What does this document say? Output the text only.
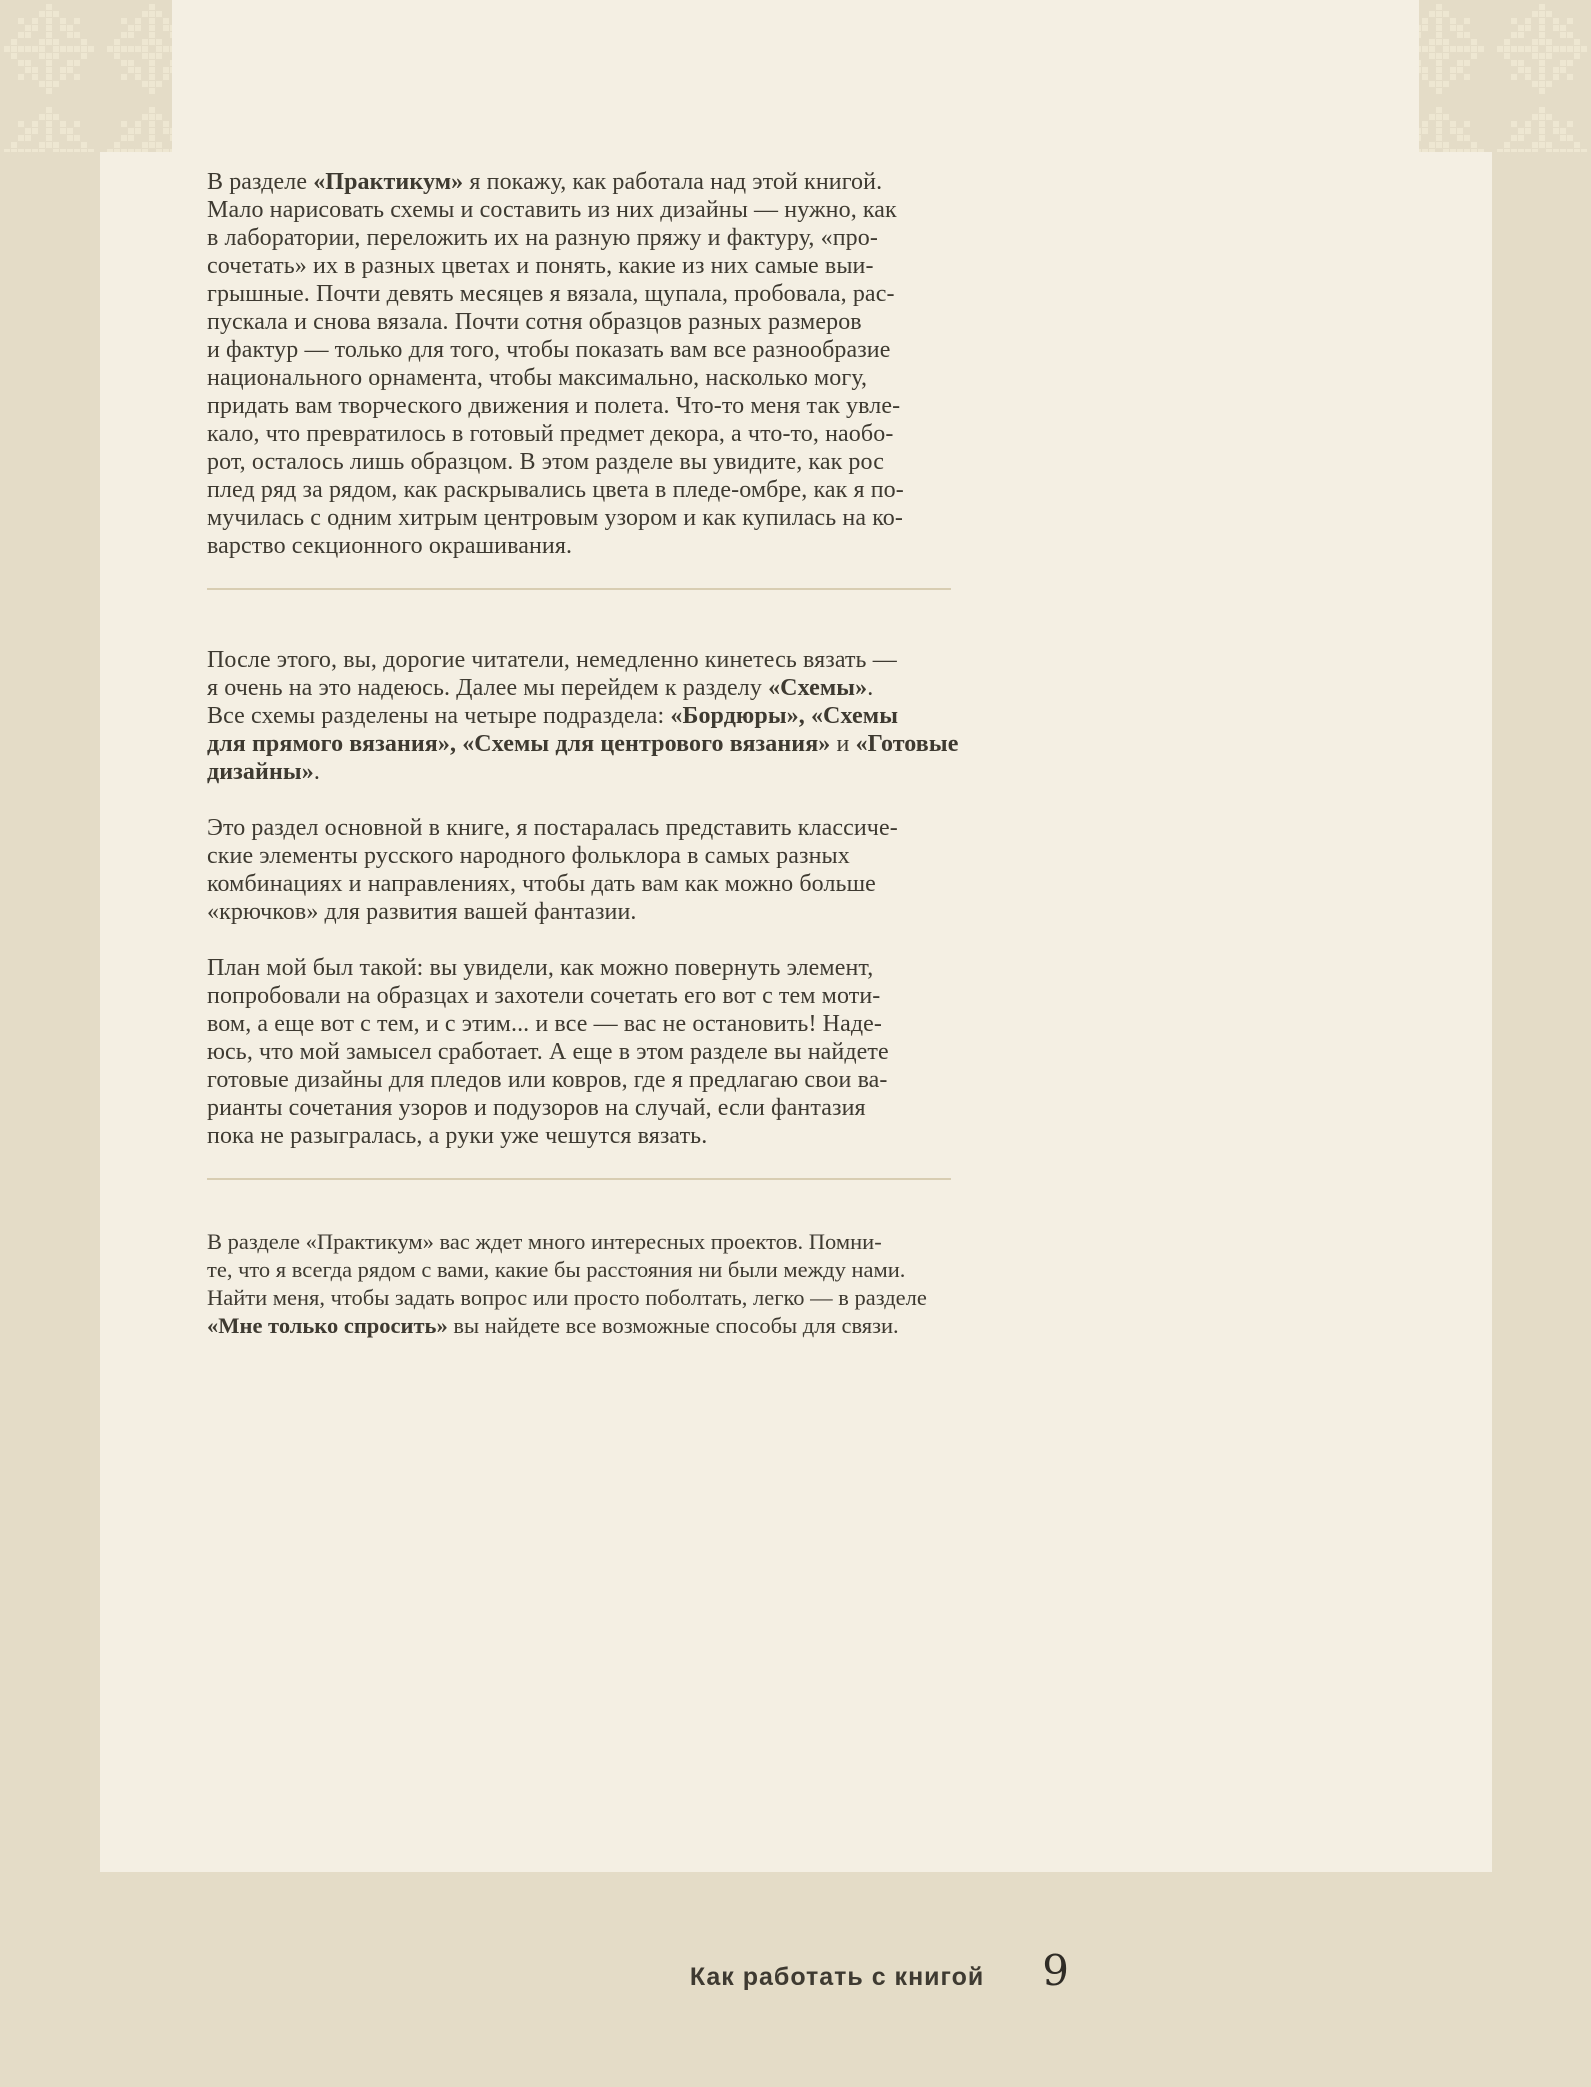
В разделе «Практикум» я покажу, как работала над этой книгой.
Мало нарисовать схемы и составить из них дизайны — нужно, как
в лаборатории, переложить их на разную пряжу и фактуру, «про-
сочетать» их в разных цветах и понять, какие из них самые выи-
грышные. Почти девять месяцев я вязала, щупала, пробовала, рас-
пускала и снова вязала. Почти сотня образцов разных размеров
и фактур — только для того, чтобы показать вам все разнообразие
национального орнамента, чтобы максимально, насколько могу,
придать вам творческого движения и полета. Что-то меня так увле-
кало, что превратилось в готовый предмет декора, а что-то, наобо-
рот, осталось лишь образцом. В этом разделе вы увидите, как рос
плед ряд за рядом, как раскрывались цвета в пледе-омбре, как я по-
мучилась с одним хитрым центровым узором и как купилась на ко-
варство секционного окрашивания.

После этого, вы, дорогие читатели, немедленно кинетесь вязать —
я очень на это надеюсь. Далее мы перейдем к разделу «Схемы».
Все схемы разделены на четыре подраздела: «Бордюры», «Схемы
для прямого вязания», «Схемы для центрового вязания» и «Готовые
дизайны».

Это раздел основной в книге, я постаралась представить классиче-
ские элементы русского народного фольклора в самых разных
комбинациях и направлениях, чтобы дать вам как можно больше
«крючков» для развития вашей фантазии.

План мой был такой: вы увидели, как можно повернуть элемент,
попробовали на образцах и захотели сочетать его вот с тем моти-
вом, а еще вот с тем, и с этим... и все — вас не остановить! Наде-
юсь, что мой замысел сработает. А еще в этом разделе вы найдете
готовые дизайны для пледов или ковров, где я предлагаю свои ва-
рианты сочетания узоров и подузоров на случай, если фантазия
пока не разыгралась, а руки уже чешутся вязать.

В разделе «Практикум» вас ждет много интересных проектов. Помни-
те, что я всегда рядом с вами, какие бы расстояния ни были между нами.
Найти меня, чтобы задать вопрос или просто поболтать, легко — в разделе
«Мне только спросить» вы найдете все возможные способы для связи.

Как работать с книгой 9
